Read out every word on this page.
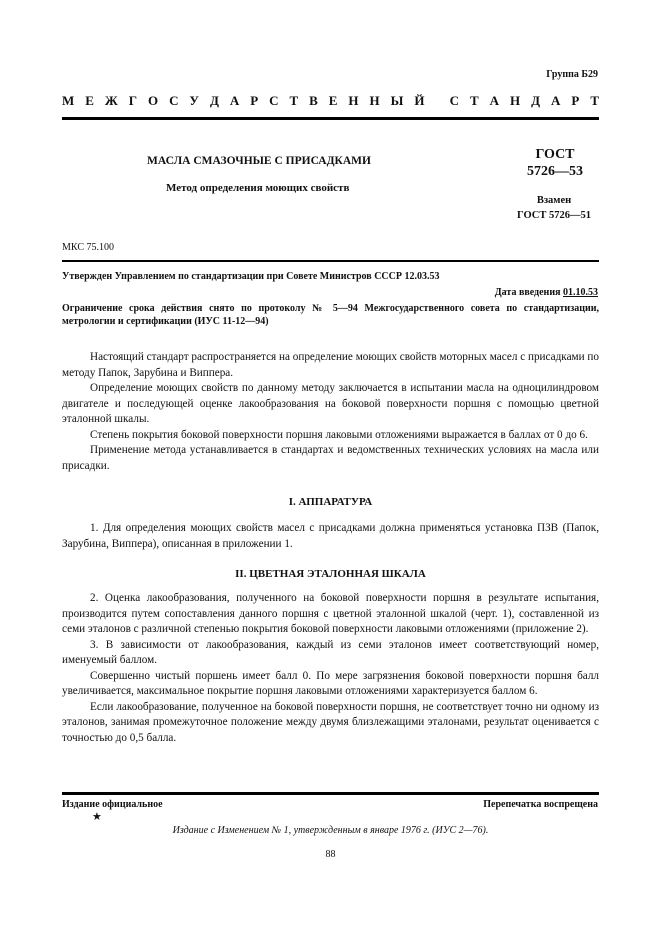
Группа Б29
М Е Ж Г О С У Д А Р С Т В Е Н Н Ы Й
С Т А Н Д А Р Т
МАСЛА СМАЗОЧНЫЕ С ПРИСАДКАМИ
Метод определения моющих свойств
ГОСТ
5726—53
Взамен
ГОСТ 5726—51
МКС 75.100
Утвержден Управлением по стандартизации при Совете Министров СССР 12.03.53
Дата введения 01.10.53
Ограничение срока действия снято по протоколу № 5—94 Межгосударственного совета по стандартизации, метрологии и сертификации (ИУС 11-12—94)

Настоящий стандарт распространяется на определение моющих свойств моторных масел с присадками по методу Папок, Зарубина и Виппера.

Определение моющих свойств по данному методу заключается в испытании масла на одноцилиндровом двигателе и последующей оценке лакообразования на боковой поверхности поршня с помощью цветной эталонной шкалы.

Степень покрытия боковой поверхности поршня лаковыми отложениями выражается в баллах от 0 до 6.

Применение метода устанавливается в стандартах и ведомственных технических условиях на масла или присадки.

I. АППАРАТУРА

1. Для определения моющих свойств масел с присадками должна применяться установка ПЗВ (Папок, Зарубина, Виппера), описанная в приложении 1.

II. ЦВЕТНАЯ ЭТАЛОННАЯ ШКАЛА

2. Оценка лакообразования, полученного на боковой поверхности поршня в результате испытания, производится путем сопоставления данного поршня с цветной эталонной шкалой (черт. 1), составленной из семи эталонов с различной степенью покрытия боковой поверхности лаковыми отложениями (приложение 2).

3. В зависимости от лакообразования, каждый из семи эталонов имеет соответствующий номер, именуемый баллом.

Совершенно чистый поршень имеет балл 0. По мере загрязнения боковой поверхности поршня балл увеличивается, максимальное покрытие поршня лаковыми отложениями характеризуется баллом 6.

Если лакообразование, полученное на боковой поверхности поршня, не соответствует точно ни одному из эталонов, занимая промежуточное положение между двумя близлежащими эталонами, результат оценивается с точностью до 0,5 балла.

Издание официальное	Перепечатка воспрещена
★
Издание с Изменением № 1, утвержденным в январе 1976 г. (ИУС 2—76).
88
